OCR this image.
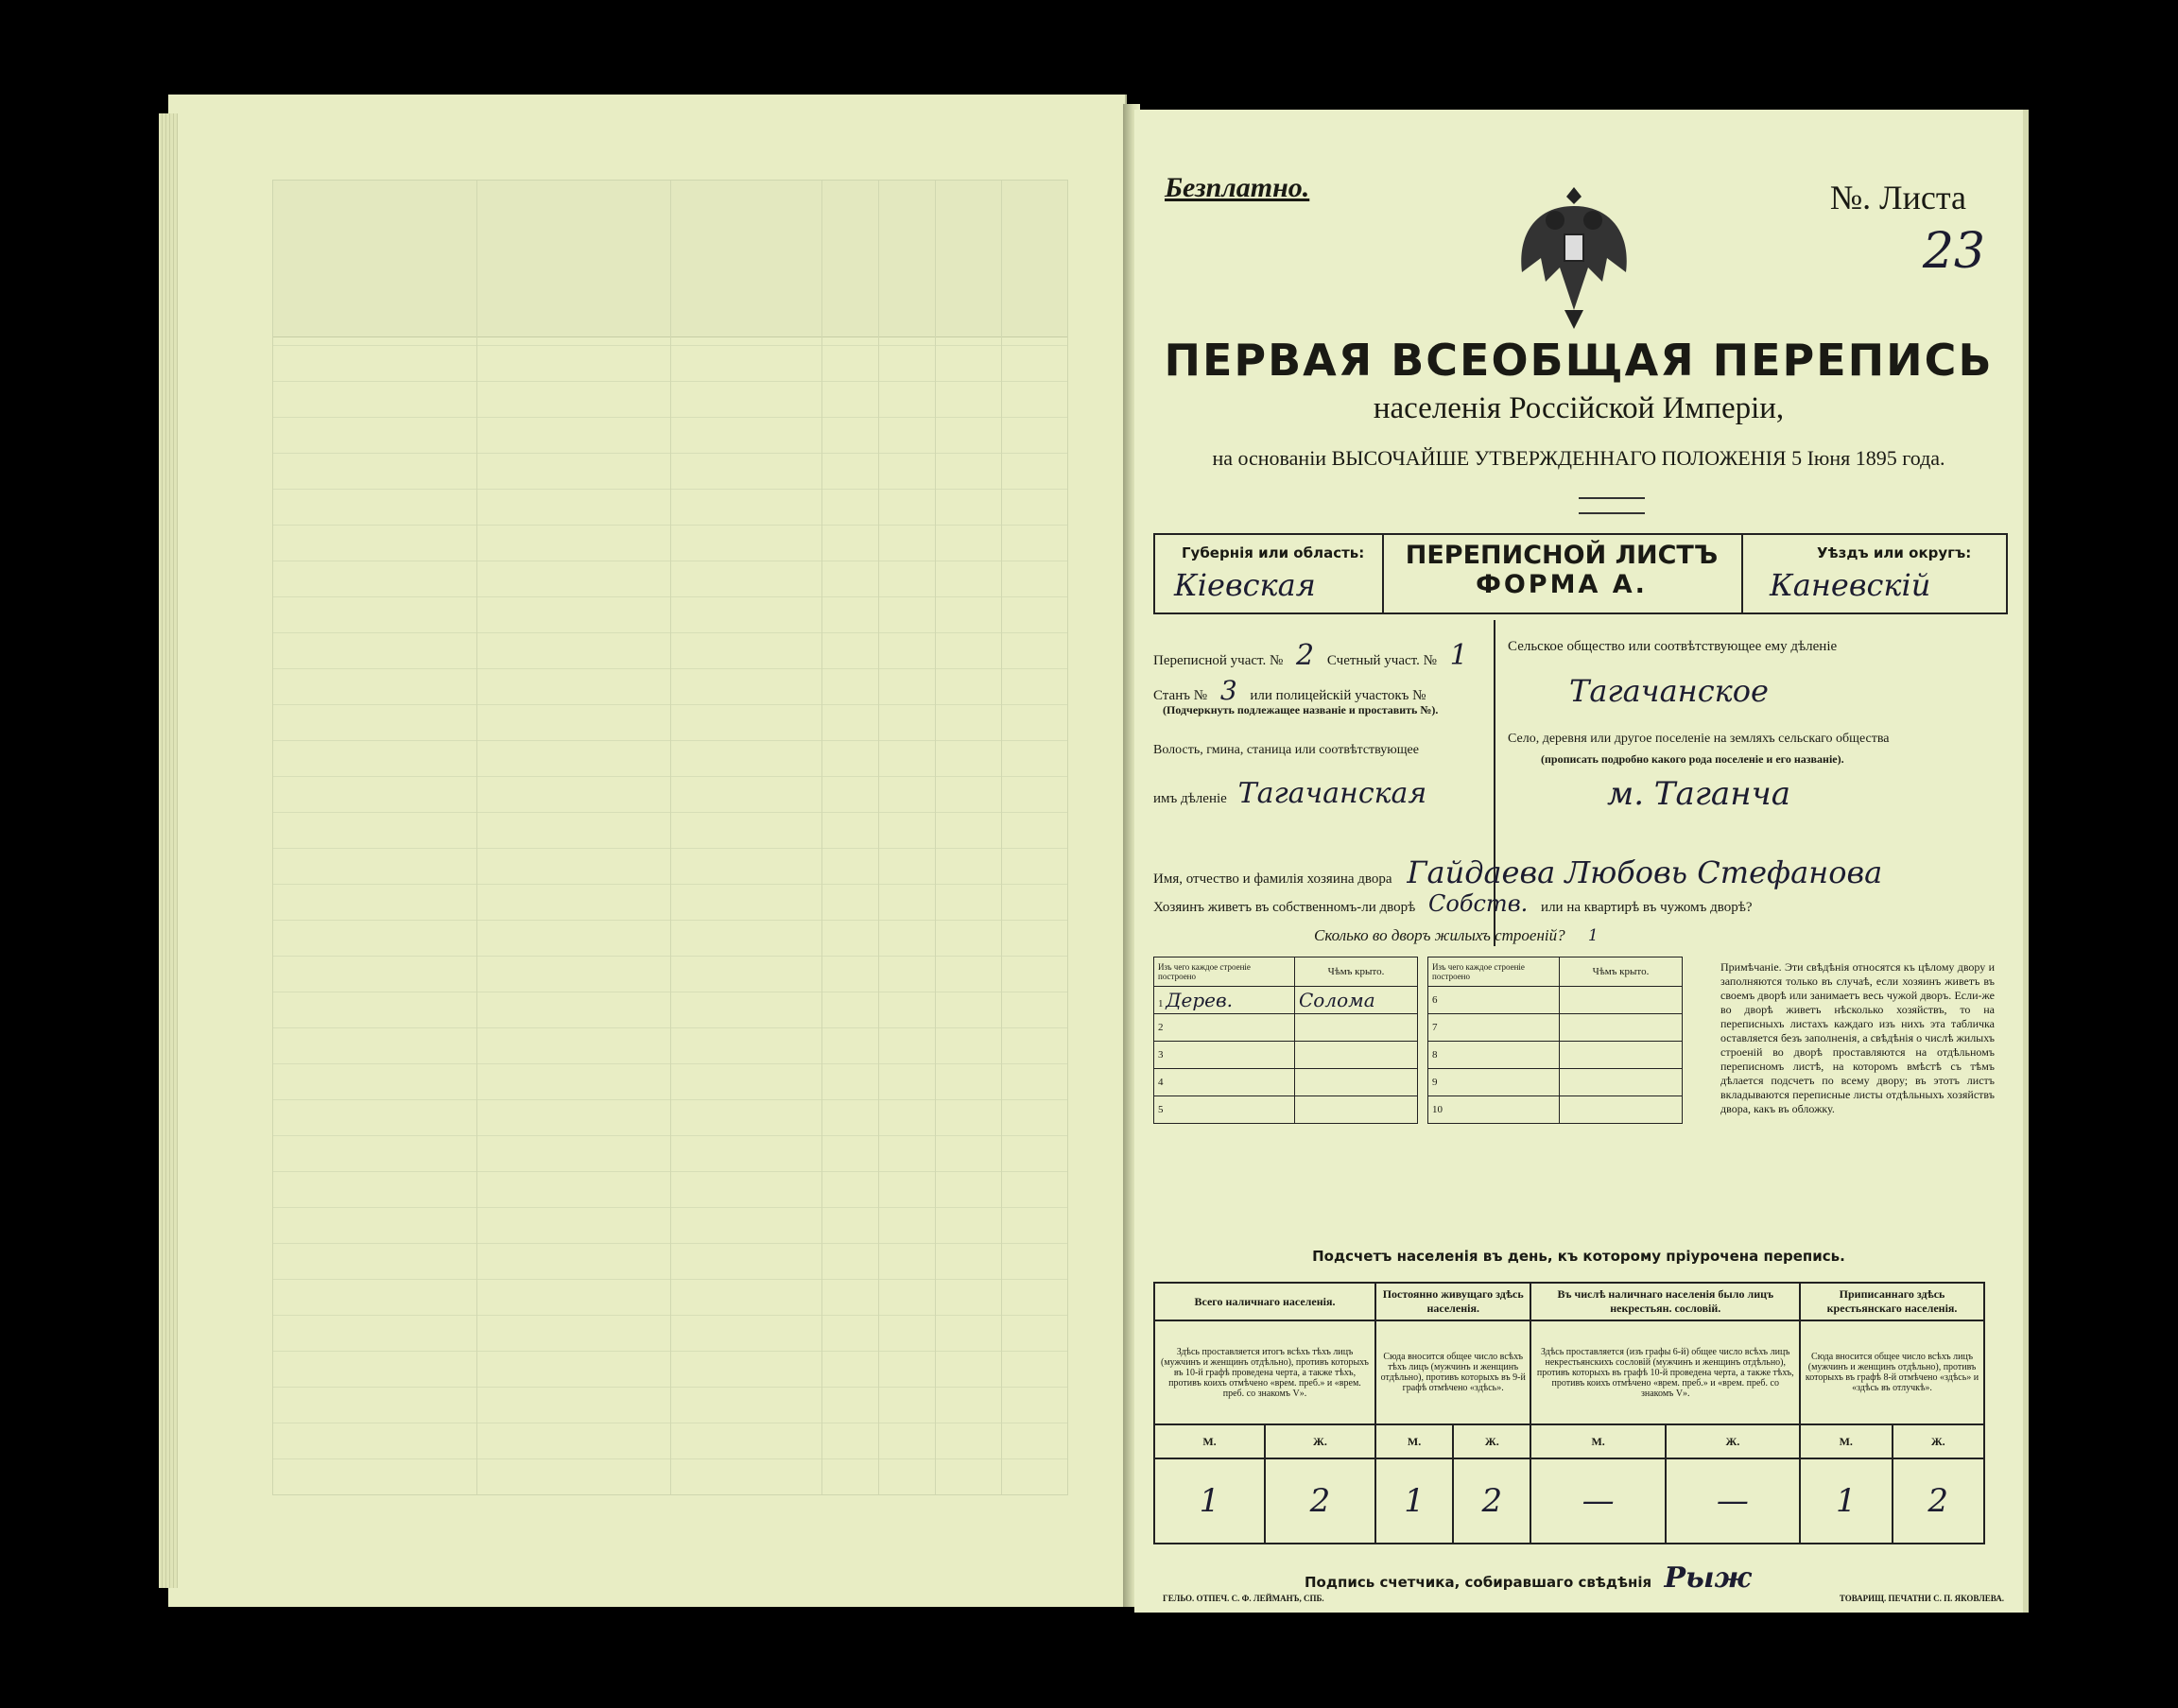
Безплатно.	№. Листа
23
ПЕРВАЯ ВСЕОБЩАЯ ПЕРЕПИСЬ
населенія Россійской Имперіи,
на основаніи ВЫСОЧАЙШЕ УТВЕРЖДЕННАГО ПОЛОЖЕНІЯ 5 Іюня 1895 года.
Губернія или область:
Кіевская
ПЕРЕПИСНОЙ ЛИСТЪ
ФОРМА А.
Уѣздъ или округъ:
Каневскій
Переписной участ. № 2 Счетный участ. № 1
Станъ № 3 или полицейскій участокъ №
(Подчеркнуть подлежащее названіе и проставить №).
Волость, гмина, станица или соотвѣтствующее
имъ дѣленіе Тагачанская
Сельское общество или соотвѣтствующее ему дѣленіе
Тагачанское
Село, деревня или другое поселеніе на земляхъ сельскаго общества
(прописать подробно какого рода поселеніе и его названіе).
м. Таганча
Имя, отчество и фамилія хозяина двора Гайдаева Любовь Стефанова
Хозяинъ живетъ въ собственномъ-ли дворѣ Собств. или на квартирѣ въ чужомъ дворѣ?
Сколько во дворъ жилыхъ строеній? 1
Изъ чего каждое строеніе построено	Чѣмъ крыто.
1 Дерев.	Солома
2	
3	
4	
5	
Изъ чего каждое строеніе построено	Чѣмъ крыто.
6	
7	
8	
9	
10	
Примѣчаніе. Эти свѣдѣнія относятся къ цѣлому двору и заполняются только въ случаѣ, если хозяинъ живетъ въ своемъ дворѣ или занимаетъ весь чужой дворъ. Если-же во дворѣ живетъ нѣсколько хозяйствъ, то на переписныхъ листахъ каждаго изъ нихъ эта табличка оставляется безъ заполненія, а свѣдѣнія о числѣ жилыхъ строеній во дворѣ проставляются на отдѣльномъ переписномъ листѣ, на которомъ вмѣстѣ съ тѣмъ дѣлается подсчетъ по всему двору; въ этотъ листъ вкладываются переписные листы отдѣльныхъ хозяйствъ двора, какъ въ обложку.
Подсчетъ населенія въ день, къ которому пріурочена перепись.
Всего наличнаго населенія.		Постоянно живущаго здѣсь населенія.		Въ числѣ наличнаго населенія было лицъ некрестьян. сословій.		Приписаннаго здѣсь крестьянскаго населенія.	
Здѣсь проставляется итогъ всѣхъ тѣхъ лицъ (мужчинъ и женщинъ отдѣльно), противъ которыхъ въ 10-й графѣ проведена черта, а также тѣхъ, противъ коихъ отмѣчено «врем. преб.» и «врем. преб. со знакомъ V».		Сюда вносится общее число всѣхъ тѣхъ лицъ (мужчинъ и женщинъ отдѣльно), противъ которыхъ въ 9-й графѣ отмѣчено «здѣсь».		Здѣсь проставляется (изъ графы 6-й) общее число всѣхъ лицъ некрестьянскихъ сословій (мужчинъ и женщинъ отдѣльно), противъ которыхъ въ графѣ 10-й проведена черта, а также тѣхъ, противъ коихъ отмѣчено «врем. преб.» и «врем. преб. со знакомъ V».		Сюда вносится общее число всѣхъ лицъ (мужчинъ и женщинъ отдѣльно), противъ которыхъ въ графѣ 8-й отмѣчено «здѣсь» и «здѣсь въ отлучкѣ».	
М.	Ж.	М.	Ж.	М.	Ж.	М.	Ж.
1	2	1	2	—	—	1	2
Подпись счетчика, собиравшаго свѣдѣнія Рыж
ГЕЛЬО. ОТПЕЧ. С. Ф. ЛЕЙМАНЪ, СПБ.	ТОВАРИЩ. ПЕЧАТНИ С. П. ЯКОВЛЕВА.
